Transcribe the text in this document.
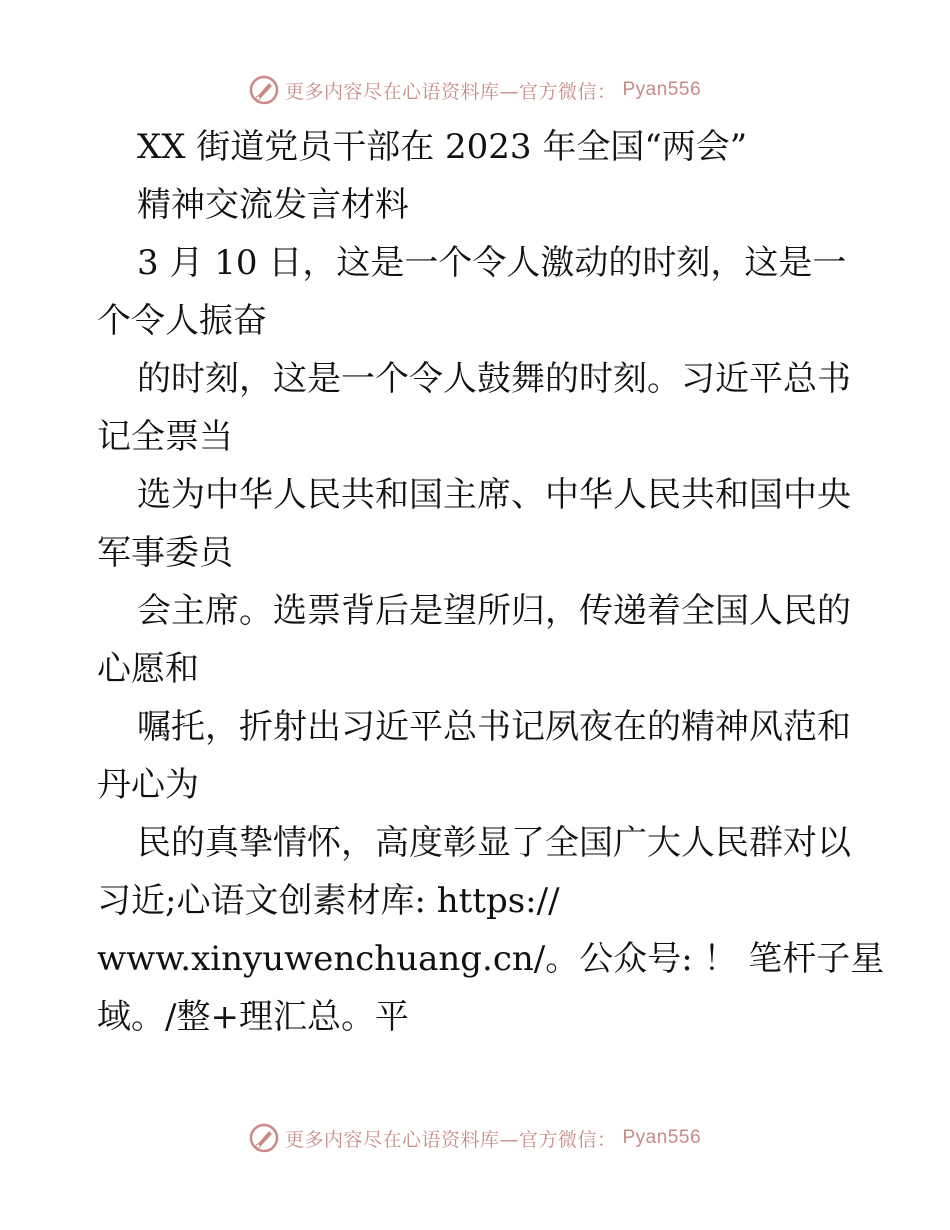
更多内容尽在心语资料库—官方微信： Pyan556
XX 街道党员干部在 2023 年全国“两会”
精神交流发言材料
3 月 10 日，这是一个令人激动的时刻，这是一
个令人振奋
的时刻，这是一个令人鼓舞的时刻。习近平总书
记全票当
选为中华人民共和国主席、中华人民共和国中央
军事委员
会主席。选票背后是望所归，传递着全国人民的
心愿和
嘱托，折射出习近平总书记夙夜在的精神风范和
丹心为
民的真挚情怀，高度彰显了全国广大人民群对以
习近;心语文创素材库: https://
www.xinyuwenchuang.cn/。公众号: ！ 笔杆子星
域。/整+理汇总。平
更多内容尽在心语资料库—官方微信： Pyan556
